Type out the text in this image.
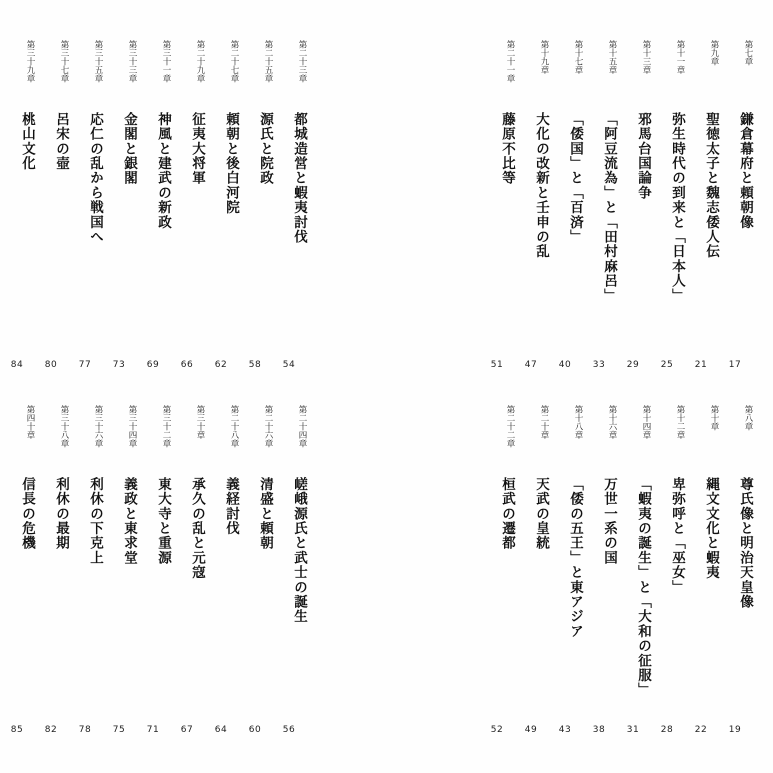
第七章
鎌倉幕府と頼朝像
17
第九章
聖徳太子と魏志倭人伝
21
第十一章
弥生時代の到来と「日本人」
25
第十三章
邪馬台国論争
29
第十五章
「阿豆流為」と「田村麻呂」
33
第十七章
「倭国」と「百済」
40
第十九章
大化の改新と壬申の乱
47
第二十一章
藤原不比等
51
第二十三章
都城造営と蝦夷討伐
54
第二十五章
源氏と院政
58
第二十七章
頼朝と後白河院
62
第二十九章
征夷大将軍
66
第三十一章
神風と建武の新政
69
第三十三章
金閣と銀閣
73
第三十五章
応仁の乱から戦国へ
77
第三十七章
呂宋の壺
80
第三十九章
桃山文化
84
第八章
尊氏像と明治天皇像
19
第十章
縄文文化と蝦夷
22
第十二章
卑弥呼と「巫女」
28
第十四章
「蝦夷の誕生」と「大和の征服」
31
第十六章
万世一系の国
38
第十八章
「倭の五王」と東アジア
43
第二十章
天武の皇統
49
第二十二章
桓武の遷都
52
第二十四章
嵯峨源氏と武士の誕生
56
第二十六章
清盛と頼朝
60
第二十八章
義経討伐
64
第三十章
承久の乱と元寇
67
第三十二章
東大寺と重源
71
第三十四章
義政と東求堂
75
第三十六章
利休の下克上
78
第三十八章
利休の最期
82
第四十章
信長の危機
85
